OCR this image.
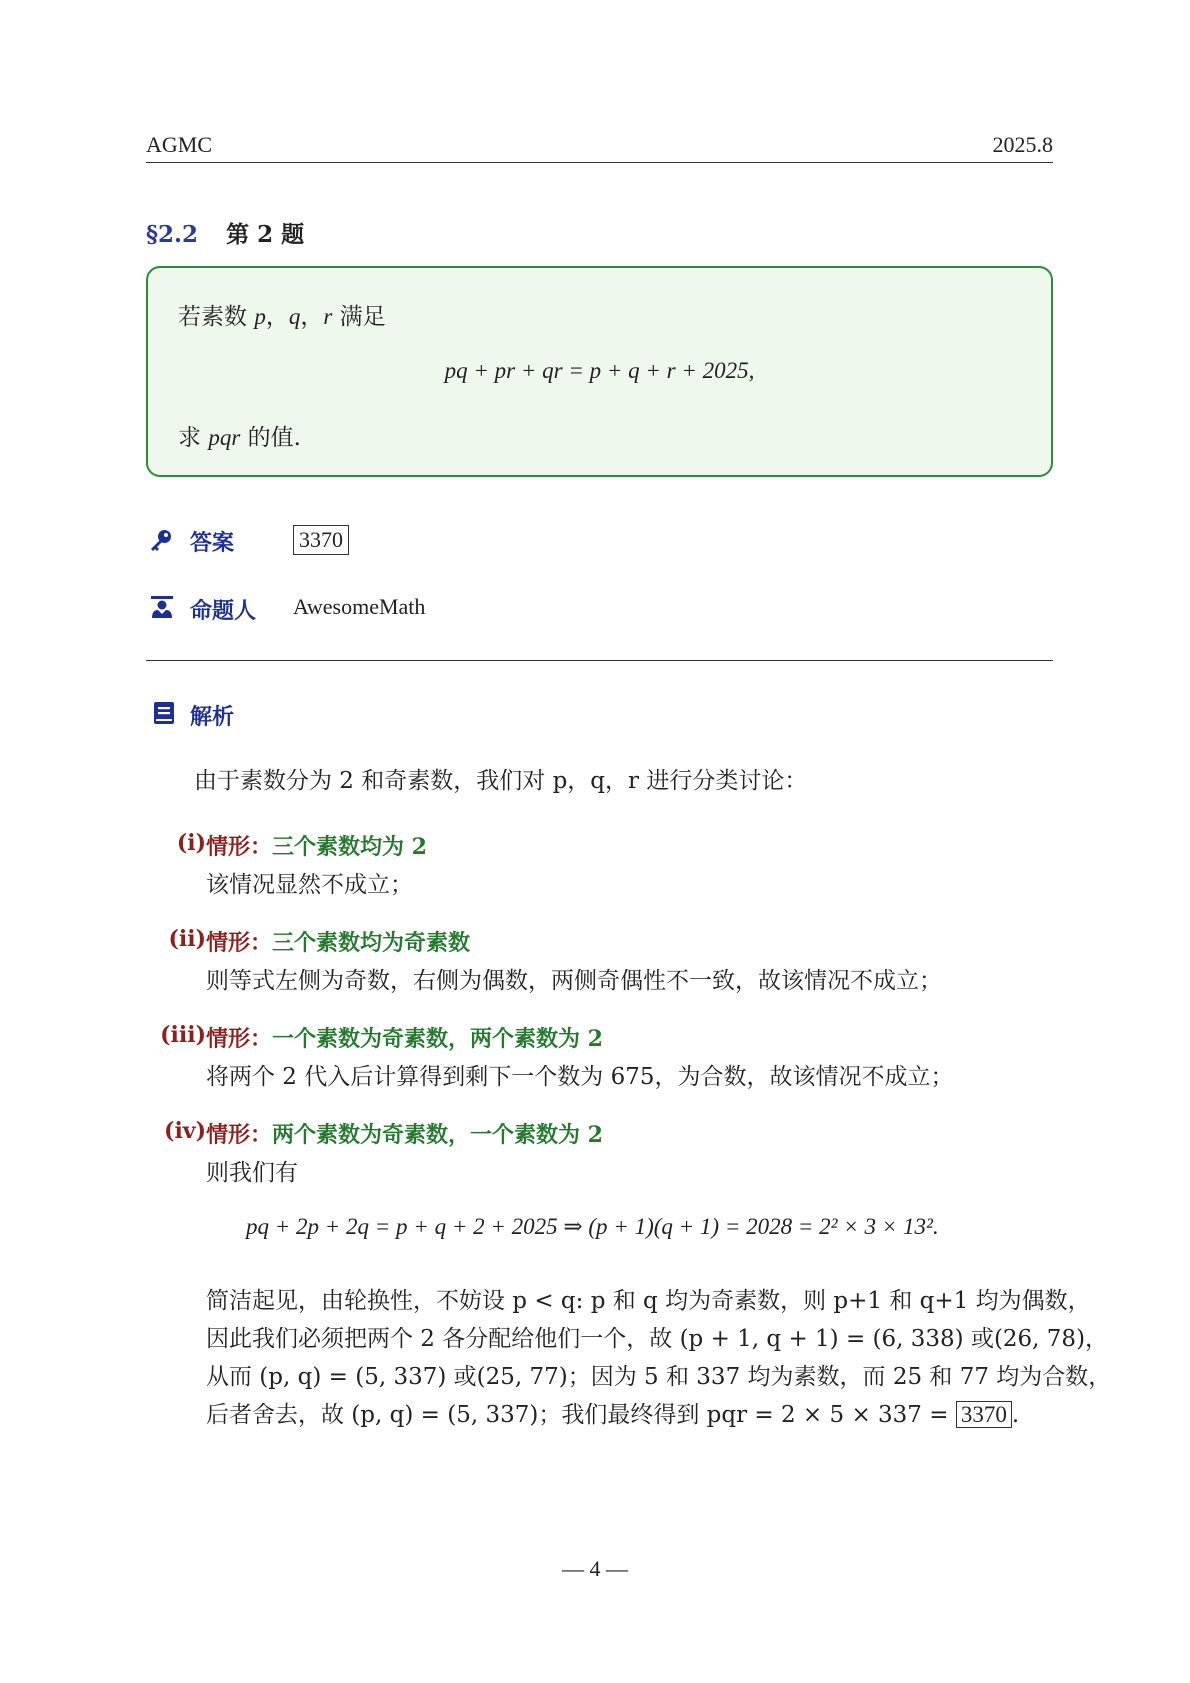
AGMC	2025.8
§2.2 第 2 题
若素数 p，q，r 满足
pq + pr + qr = p + q + r + 2025,
求 pqr 的值.
答案	3370
命题人 AwesomeMath
解析
由于素数分为 2 和奇素数，我们对 p，q，r 进行分类讨论：
(i) 情形：三个素数均为 2
该情况显然不成立；
(ii) 情形：三个素数均为奇素数
则等式左侧为奇数，右侧为偶数，两侧奇偶性不一致，故该情况不成立；
(iii) 情形：一个素数为奇素数，两个素数为 2
将两个 2 代入后计算得到剩下一个数为 675，为合数，故该情况不成立；
(iv) 情形：两个素数为奇素数，一个素数为 2
则我们有
pq + 2p + 2q = p + q + 2 + 2025 ⇒ (p + 1)(q + 1) = 2028 = 2² × 3 × 13².
简洁起见，由轮换性，不妨设 p < q: p 和 q 均为奇素数，则 p+1 和 q+1 均为偶数，
因此我们必须把两个 2 各分配给他们一个，故 (p + 1, q + 1) = (6, 338) 或(26, 78)，
从而 (p, q) = (5, 337) 或(25, 77)；因为 5 和 337 均为素数，而 25 和 77 均为合数，
后者舍去，故 (p, q) = (5, 337)；我们最终得到 pqr = 2 × 5 × 337 = 3370 .
— 4 —
